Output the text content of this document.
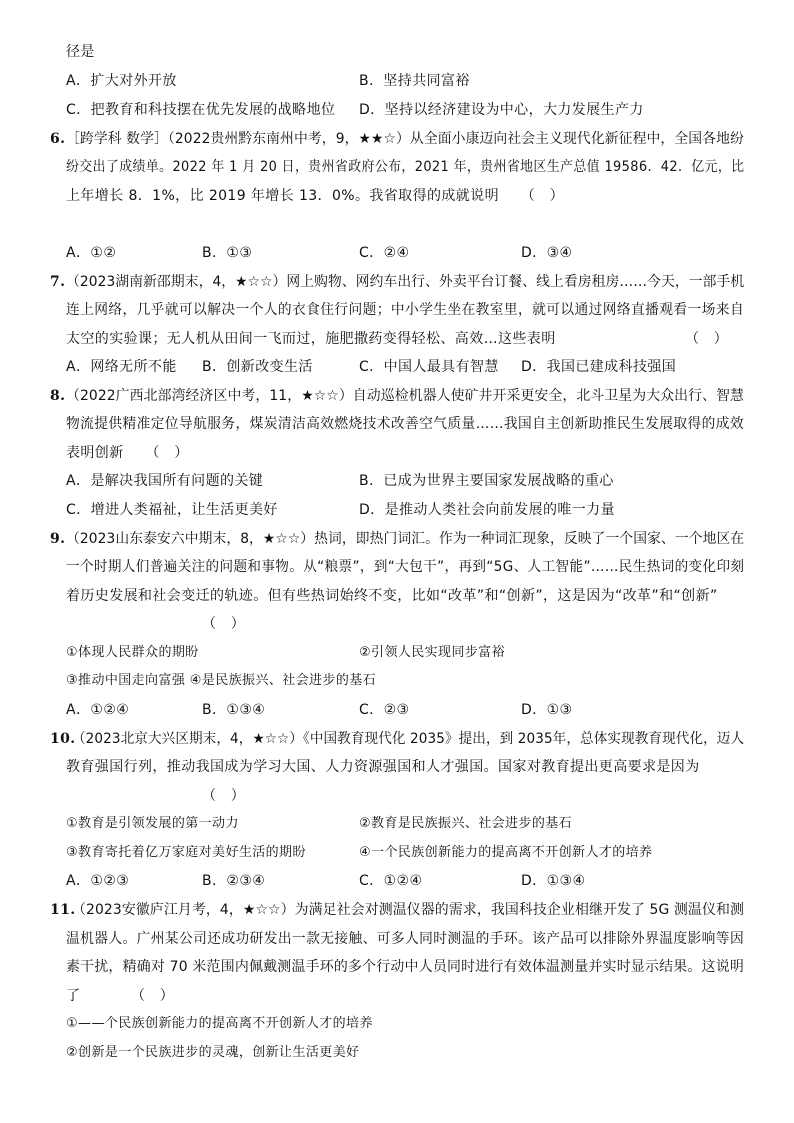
径是
A．扩大对外开放	B．坚持共同富裕
C．把教育和科技摆在优先发展的战略地位 D．坚持以经济建设为中心，大力发展生产力
6. ［跨学科 数学］（2022贵州黔东南州中考，9，★★☆）从全面小康迈向社会主义现代化新征程中，全国各地纷
纷交出了成绩单。2022 年 1 月 20 日，贵州省政府公布，2021 年，贵州省地区生产总值 19586．42．亿元，比
上年增长 8．1%，比 2019 年增长 13．0%。我省取得的成就说明　　（　）
A．①②	B．①③	C．②④	D．③④
7. （2023湖南新邵期末，4，★☆☆）网上购物、网约车出行、外卖平台订餐、线上看房租房……今天，一部手机
连上网络，几乎就可以解决一个人的衣食住行问题；中小学生坐在教室里，就可以通过网络直播观看一场来自
太空的实验课；无人机从田间一飞而过，施肥撒药变得轻松、高效…这些表明	（　）
A．网络无所不能 B．创新改变生活	C．中国人最具有智慧 D．我国已建成科技强国
8. （2022广西北部湾经济区中考，11，★☆☆）自动巡检机器人使矿井开采更安全，北斗卫星为大众出行、智慧
物流提供精准定位导航服务，煤炭清洁高效燃烧技术改善空气质量……我国自主创新助推民生发展取得的成效
表明创新　　（　）
A．是解决我国所有问题的关键	B．已成为世界主要国家发展战略的重心
C．增进人类福祉，让生活更美好	D．是推动人类社会向前发展的唯一力量
9. （2023山东泰安六中期末，8，★☆☆）热词，即热门词汇。作为一种词汇现象，反映了一个国家、一个地区在
一个时期人们普遍关注的问题和事物。从“粮票”，到“大包干”，再到“5G、人工智能”……民生热词的变化印刻
着历史发展和社会变迁的轨迹。但有些热词始终不变，比如“改革”和“创新”，这是因为“改革”和“创新”
（　）
①体现人民群众的期盼	②引领人民实现同步富裕
③推动中国走向富强 ④是民族振兴、社会进步的基石
A．①②④	B．①③④	C．②③	D．①③
10.
（2023北京大兴区期末，4，★☆☆）《中国教育现代化 2035》提出，到 2035年，总体实现教育现代化，迈人
教育强国行列，推动我国成为学习大国、人力资源强国和人才强国。国家对教育提出更高要求是因为
（　）
①教育是引领发展的第一动力	②教育是民族振兴、社会进步的基石
③教育寄托着亿万家庭对美好生活的期盼	④一个民族创新能力的提高离不开创新人才的培养
A．①②③	B．②③④	C．①②④	D．①③④
11.
（2023安徽庐江月考，4，★☆☆）为满足社会对测温仪器的需求，我国科技企业相继开发了 5G 测温仪和测
温机器人。广州某公司还成功研发出一款无接触、可多人同时测温的手环。该产品可以排除外界温度影响等因
素干扰，精确对 70 米范围内佩戴测温手环的多个行动中人员同时进行有效体温测量并实时显示结果。这说明
了　　　　（　）
①——个民族创新能力的提高离不开创新人才的培养
②创新是一个民族进步的灵魂，创新让生活更美好
